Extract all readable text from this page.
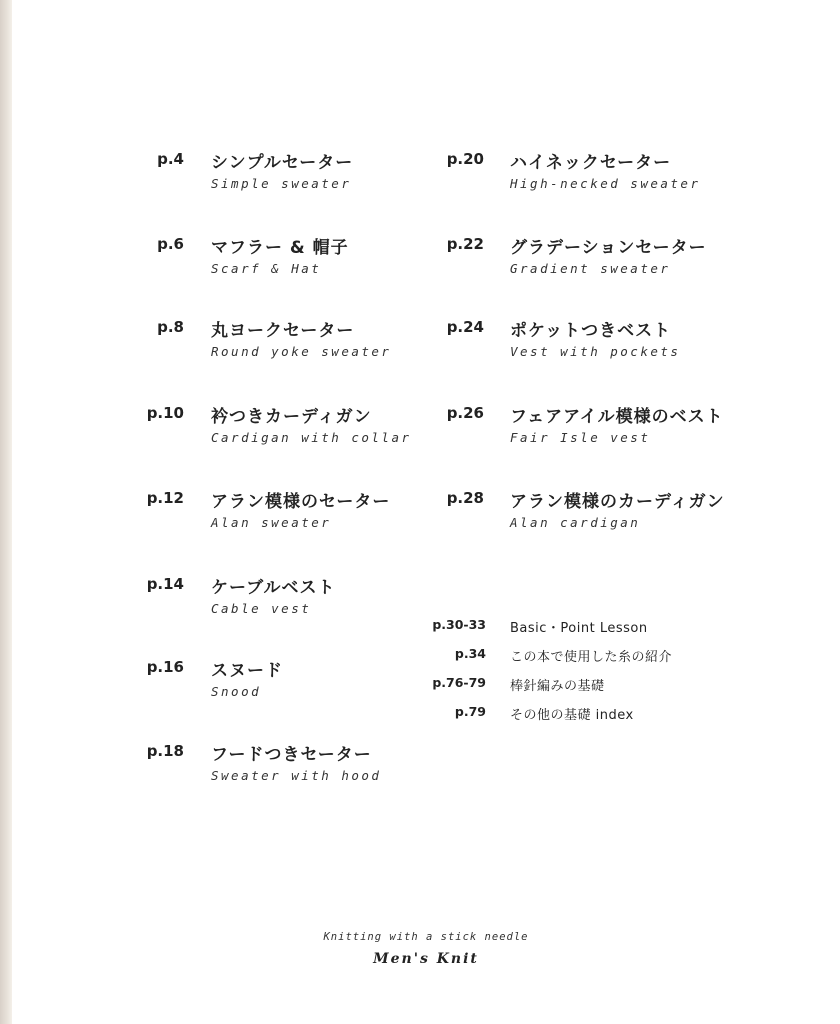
p.4 シンプルセーター
Simple sweater
p.6 マフラー & 帽子
Scarf & Hat
p.8 丸ヨークセーター
Round yoke sweater
p.10 衿つきカーディガン
Cardigan with collar
p.12 アラン模様のセーター
Alan sweater
p.14 ケーブルベスト
Cable vest
p.16 スヌード
Snood
p.18 フードつきセーター
Sweater with hood
p.20 ハイネックセーター
High-necked sweater
p.22 グラデーションセーター
Gradient sweater
p.24 ポケットつきベスト
Vest with pockets
p.26 フェアアイル模様のベスト
Fair Isle vest
p.28 アラン模様のカーディガン
Alan cardigan
p.30-33 Basic・Point Lesson
p.34 この本で使用した糸の紹介
p.76-79 棒針編みの基礎
p.79 その他の基礎 index
Knitting with a stick needle
Men's Knit
